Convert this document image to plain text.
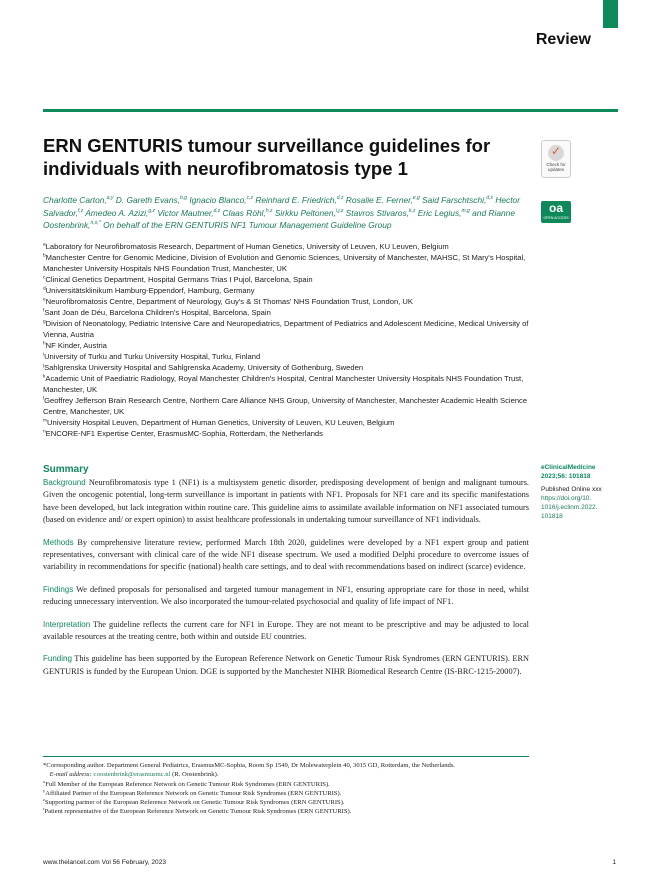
Review
ERN GENTURIS tumour surveillance guidelines for individuals with neurofibromatosis type 1
✓	Check for
updates
oa
OPEN ACCESS
Charlotte Carton,$^{a,y}$ D. Gareth Evans,$^{b,g}$ Ignacio Blanco,$^{c,z}$ Reinhard E. Friedrich,$^{d,z}$ Rosalie E. Ferner,$^{e,g}$ Said Farschtschi,$^{d,x}$ Hector Salvador,$^{f,z}$ Amedeo A. Azizi,$^{g,z}$ Victor Mautner,$^{d,z}$ Claas Röhl,$^{h,z}$ Sirkku Peltonen,$^{i,j,z}$ Stavros Stivaros,$^{k,z}$ Eric Legius,$^{m,g}$ and Rianne Oostenbrink,$^{n,o,*}$ On behalf of the ERN GENTURIS NF1 Tumour Management Guideline Group
$^a$Laboratory for Neurofibromatosis Research, Department of Human Genetics, University of Leuven, KU Leuven, Belgium
$^b$Manchester Centre for Genomic Medicine, Division of Evolution and Genomic Sciences, University of Manchester, MAHSC, St Mary's Hospital, Manchester University Hospitals NHS Foundation Trust, Manchester, UK
$^c$Clinical Genetics Department, Hospital Germans Trias I Pujol, Barcelona, Spain
$^d$Universitätsklinikum Hamburg-Eppendorf, Hamburg, Germany
$^e$Neurofibromatosis Centre, Department of Neurology, Guy's & St Thomas' NHS Foundation Trust, London, UK
$^f$Sant Joan de Déu, Barcelona Children's Hospital, Barcelona, Spain
$^g$Division of Neonatology, Pediatric Intensive Care and Neuropediatrics, Department of Pediatrics and Adolescent Medicine, Medical University of Vienna, Austria
$^h$NF Kinder, Austria
$^i$University of Turku and Turku University Hospital, Turku, Finland
$^j$Sahlgrenska University Hospital and Sahlgrenska Academy, University of Gothenburg, Sweden
$^k$Academic Unit of Paediatric Radiology, Royal Manchester Children's Hospital, Central Manchester University Hospitals NHS Foundation Trust, Manchester, UK
$^l$Geoffrey Jefferson Brain Research Centre, Northern Care Alliance NHS Group, University of Manchester, Manchester Academic Health Science Centre, Manchester, UK
$^m$University Hospital Leuven, Department of Human Genetics, University of Leuven, KU Leuven, Belgium
$^n$ENCORE-NF1 Expertise Center, ErasmusMC-Sophia, Rotterdam, the Netherlands
Summary

Background Neurofibromatosis type 1 (NF1) is a multisystem genetic disorder, predisposing development of benign and malignant tumours. Given the oncogenic potential, long-term surveillance is important in patients with NF1. Proposals for NF1 care and its specific manifestations have been developed, but lack integration within routine care. This guideline aims to assimilate available information on NF1 associated tumours (based on evidence and/ or expert opinion) to assist healthcare professionals in undertaking tumour surveillance of NF1 individuals.

Methods By comprehensive literature review, performed March 18th 2020, guidelines were developed by a NF1 expert group and patient representatives, conversant with clinical care of the wide NF1 disease spectrum. We used a modified Delphi procedure to overcome issues of variability in recommendations for specific (national) health care settings, and to deal with recommendations based on indirect (scarce) evidence.

Findings We defined proposals for personalised and targeted tumour management in NF1, ensuring appropriate care for those in need, whilst reducing unnecessary intervention. We also incorporated the tumour-related psychosocial and quality of life impact of NF1.

Interpretation The guideline reflects the current care for NF1 in Europe. They are not meant to be prescriptive and may be adjusted to local available resources at the treating centre, both within and outside EU countries.

Funding This guideline has been supported by the European Reference Network on Genetic Tumour Risk Syndromes (ERN GENTURIS). ERN GENTURIS is funded by the European Union. DGE is supported by the Manchester NIHR Biomedical Research Centre (IS-BRC-1215-20007).

eClinicalMedicine
2023;56: 101818
Published Online xxx
https://doi.org/10.
1016/j.eclinm.2022.
101818
*Corresponding author. Department General Pediatrics, ErasmusMC-Sophia, Room Sp 1549, Dr Molewaterplein 40, 3015 GD, Rotterdam, the Netherlands.
E-mail address: r.oostenbrink@erasmusmc.nl (R. Oostenbrink).
$^x$Full Member of the European Reference Network on Genetic Tumour Risk Syndromes (ERN GENTURIS).
$^y$Affiliated Partner of the European Reference Network on Genetic Tumour Risk Syndromes (ERN GENTURIS).
$^z$Supporting partner of the European Reference Network on Genetic Tumour Risk Syndromes (ERN GENTURIS).
$^r$Patient representative of the European Reference Network on Genetic Tumour Risk Syndromes (ERN GENTURIS).
www.thelancet.com Vol 56 February, 2023	1
